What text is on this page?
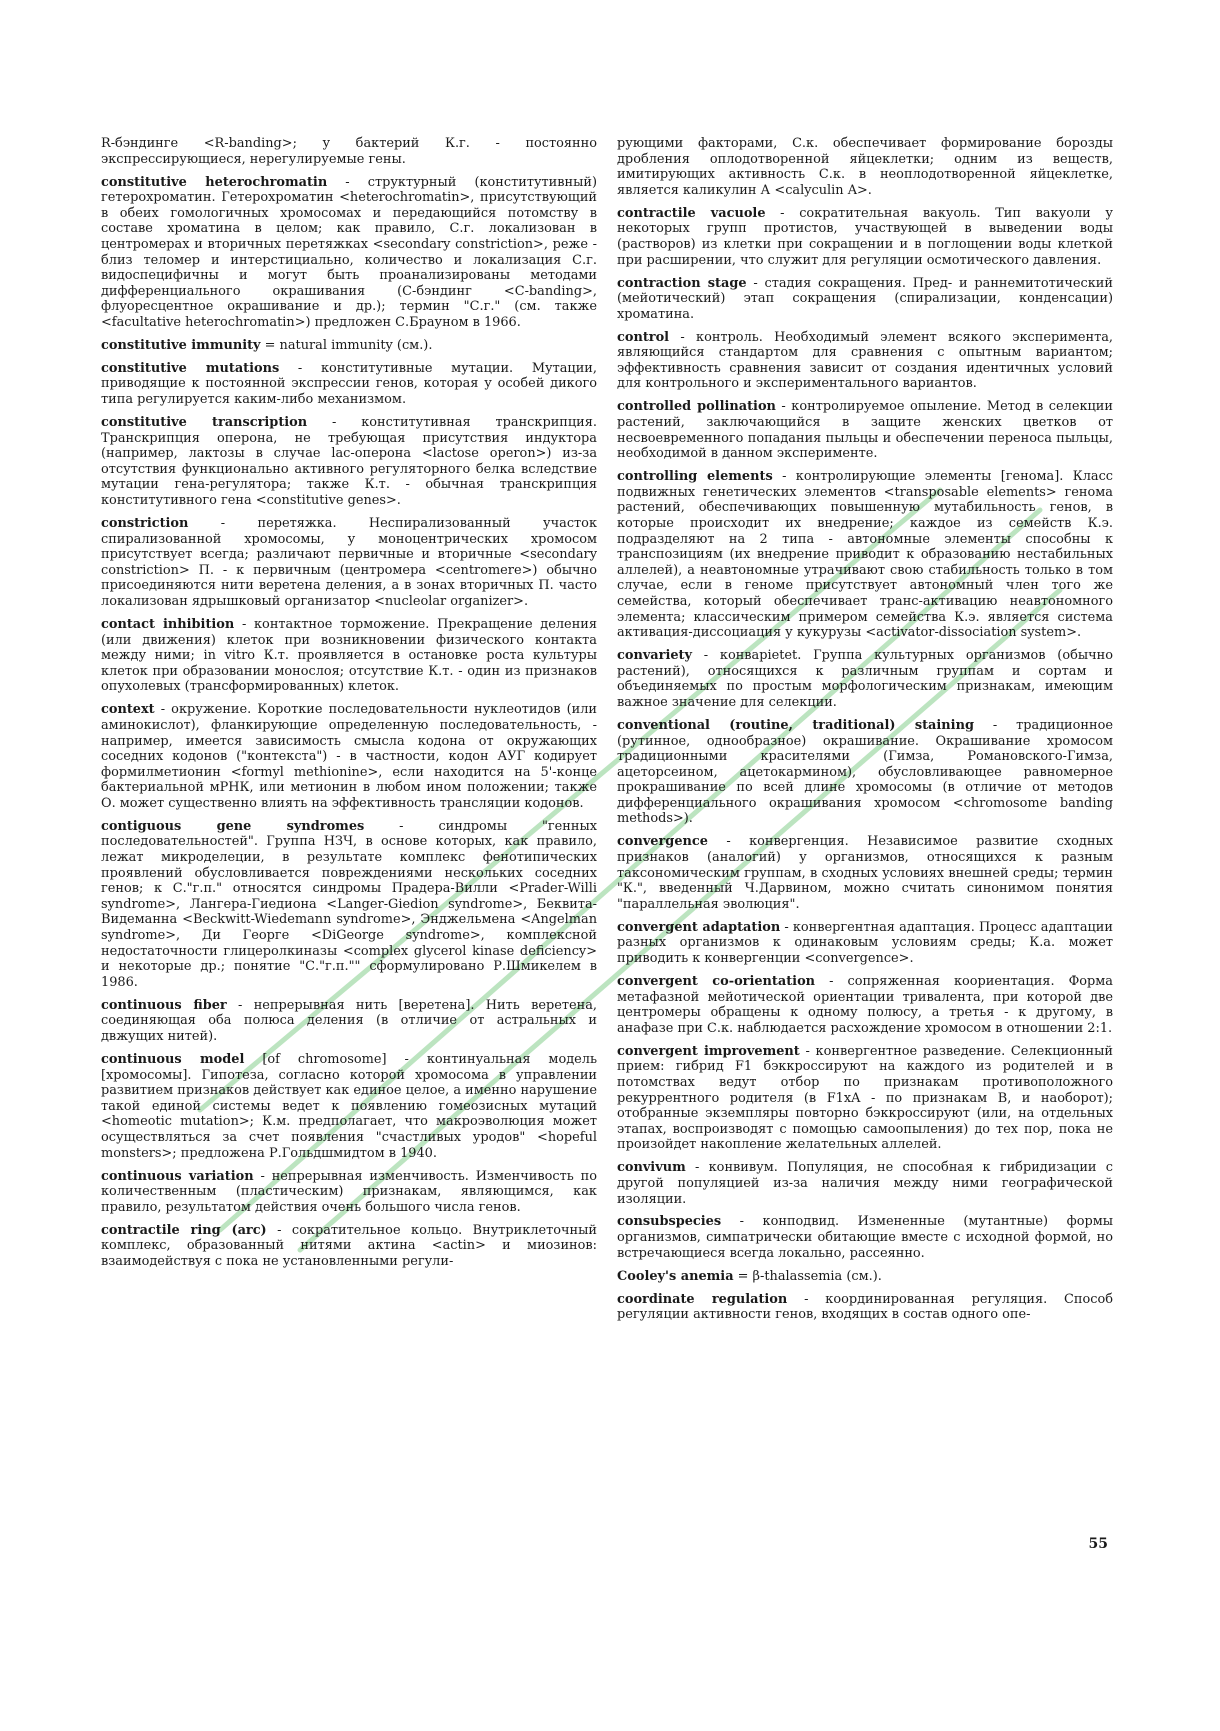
R-бэндинге <R-banding>; у бактерий К.г. - постоянно экспрессирующиеся, нерегулируемые гены.

constitutive heterochromatin - структурный (конститутивный) гетерохроматин. Гетерохроматин <heterochromatin>, присутствующий в обеих гомологичных хромосомах и передающийся потомству в составе хроматина в целом; как правило, С.г. локализован в центромерах и вторичных перетяжках <secondary constriction>, реже - близ теломер и интерстициально, количество и локализация С.г. видоспецифичны и могут быть проанализированы методами дифференциального окрашивания (С-бэндинг <C-banding>, флуоресцентное окрашивание и др.); термин "С.г." (см. также <facultative heterochromatin>) предложен С.Брауном в 1966.

constitutive immunity = natural immunity (см.).

constitutive mutations - конститутивные мутации. Мутации, приводящие к постоянной экспрессии генов, которая у особей дикого типа регулируется каким-либо механизмом.

constitutive transcription - конститутивная транскрипция. Транскрипция оперона, не требующая присутствия индуктора (например, лактозы в случае lac-оперона <lactose operon>) из-за отсутствия функционально активного регуляторного белка вследствие мутации гена-регулятора; также К.т. - обычная транскрипция конститутивного гена <constitutive genes>.

constriction - перетяжка. Неспирализованный участок спирализованной хромосомы, у моноцентрических хромосом присутствует всегда; различают первичные и вторичные <secondary constriction> П. - к первичным (центромера <centromere>) обычно присоединяются нити веретена деления, а в зонах вторичных П. часто локализован ядрышковый организатор <nucleolar organizer>.

contact inhibition - контактное торможение. Прекращение деления (или движения) клеток при возникновении физического контакта между ними; in vitro К.т. проявляется в остановке роста культуры клеток при образовании монослоя; отсутствие К.т. - один из признаков опухолевых (трансформированных) клеток.

context - окружение. Короткие последовательности нуклеотидов (или аминокислот), фланкирующие определенную последовательность, - например, имеется зависимость смысла кодона от окружающих соседних кодонов ("контекста") - в частности, кодон АУГ кодирует формилметионин <formyl methionine>, если находится на 5'-конце бактериальной мРНК, или метионин в любом ином положении; также О. может существенно влиять на эффективность трансляции кодонов.

contiguous gene syndromes - синдромы "генных последовательностей". Группа НЗЧ, в основе которых, как правило, лежат микроделеции, в результате комплекс фенотипических проявлений обусловливается повреждениями нескольких соседних генов; к С."г.п." относятся синдромы Прадера-Вилли <Prader-Willi syndrome>, Лангера-Гиедиона <Langer-Giedion syndrome>, Беквита-Видеманна <Beckwitt-Wiedemann syndrome>, Энджельмена <Angelman syndrome>, Ди Георге <DiGeorge syndrome>, комплексной недостаточности глицеролкиназы <complex glycerol kinase deficiency> и некоторые др.; понятие "С."г.п."" сформулировано Р.Шмикелем в 1986.

continuous fiber - непрерывная нить [веретена]. Нить веретена, соединяющая оба полюса деления (в отличие от астральных и двжущих нитей).

continuous model [of chromosome] - континуальная модель [хромосомы]. Гипотеза, согласно которой хромосома в управлении развитием признаков действует как единое целое, а именно нарушение такой единой системы ведет к появлению гомеозисных мутаций <homeotic mutation>; К.м. предполагает, что макроэволюция может осуществляться за счет появления "счастливых уродов" <hopeful monsters>; предложена Р.Гольдшмидтом в 1940.

continuous variation - непрерывная изменчивость. Изменчивость по количественным (пластическим) признакам, являющимся, как правило, результатом действия очень большого числа генов.

contractile ring (arc) - сократительное кольцо. Внутриклеточный комплекс, образованный нитями актина <actin> и миозинов: взаимодействуя с пока не установленными регули-

рующими факторами, С.к. обеспечивает формирование борозды дробления оплодотворенной яйцеклетки; одним из веществ, имитирующих активность С.к. в неоплодотворенной яйцеклетке, является каликулин А <calyculin A>.

contractile vacuole - сократительная вакуоль. Тип вакуоли у некоторых групп протистов, участвующей в выведении воды (растворов) из клетки при сокращении и в поглощении воды клеткой при расширении, что служит для регуляции осмотического давления.

contraction stage - стадия сокращения. Пред- и раннемитотический (мейотический) этап сокращения (спирализации, конденсации) хроматина.

control - контроль. Необходимый элемент всякого эксперимента, являющийся стандартом для сравнения с опытным вариантом; эффективность сравнения зависит от создания идентичных условий для контрольного и экспериментального вариантов.

controlled pollination - контролируемое опыление. Метод в селекции растений, заключающийся в защите женских цветков от несвоевременного попадания пыльцы и обеспечении переноса пыльцы, необходимой в данном эксперименте.

controlling elements - контролирующие элементы [генома]. Класс подвижных генетических элементов <transposable elements> генома растений, обеспечивающих повышенную мутабильность генов, в которые происходит их внедрение; каждое из семейств К.э. подразделяют на 2 типа - автономные элементы способны к транспозициям (их внедрение приводит к образованию нестабильных аллелей), а неавтономные утрачивают свою стабильность только в том случае, если в геноме присутствует автономный член того же семейства, который обеспечивает транс-активацию неавтономного элемента; классическим примером семейства К.э. является система активация-диссоциация у кукурузы <activator-dissociation system>.

convariety - конварietet. Группа культурных организмов (обычно растений), относящихся к различным группам и сортам и объединяемых по простым морфологическим признакам, имеющим важное значение для селекции.

conventional (routine, traditional) staining - традиционное (рутинное, однообразное) окрашивание. Окрашивание хромосом традиционными красителями (Гимза, Романовского-Гимза, ацеторсеином, ацетокармином), обусловливающее равномерное прокрашивание по всей длине хромосомы (в отличие от методов дифференциального окрашивания хромосом <chromosome banding methods>).

convergence - конвергенция. Независимое развитие сходных признаков (аналогий) у организмов, относящихся к разным таксономическим группам, в сходных условиях внешней среды; термин "К.", введенный Ч.Дарвином, можно считать синонимом понятия "параллельная эволюция".

convergent adaptation - конвергентная адаптация. Процесс адаптации разных организмов к одинаковым условиям среды; К.а. может приводить к конвергенции <convergence>.

convergent co-orientation - сопряженная коориентация. Форма метафазной мейотической ориентации тривалента, при которой две центромеры обращены к одному полюсу, а третья - к другому, в анафазе при С.к. наблюдается расхождение хромосом в отношении 2:1.

convergent improvement - конвергентное разведение. Селекционный прием: гибрид F1 бэккроссируют на каждого из родителей и в потомствах ведут отбор по признакам противоположного рекуррентного родителя (в F1xA - по признакам В, и наоборот); отобранные экземпляры повторно бэккроссируют (или, на отдельных этапах, воспроизводят с помощью самоопыления) до тех пор, пока не произойдет накопление желательных аллелей.

convivum - конвивум. Популяция, не способная к гибридизации с другой популяцией из-за наличия между ними географической изоляции.

consubspecies - конподвид. Измененные (мутантные) формы организмов, симпатрически обитающие вместе с исходной формой, но встречающиеся всегда локально, рассеянно.

Cooley's anemia = β-thalassemia (см.).

coordinate regulation - координированная регуляция. Способ регуляции активности генов, входящих в состав одного опе-

55
